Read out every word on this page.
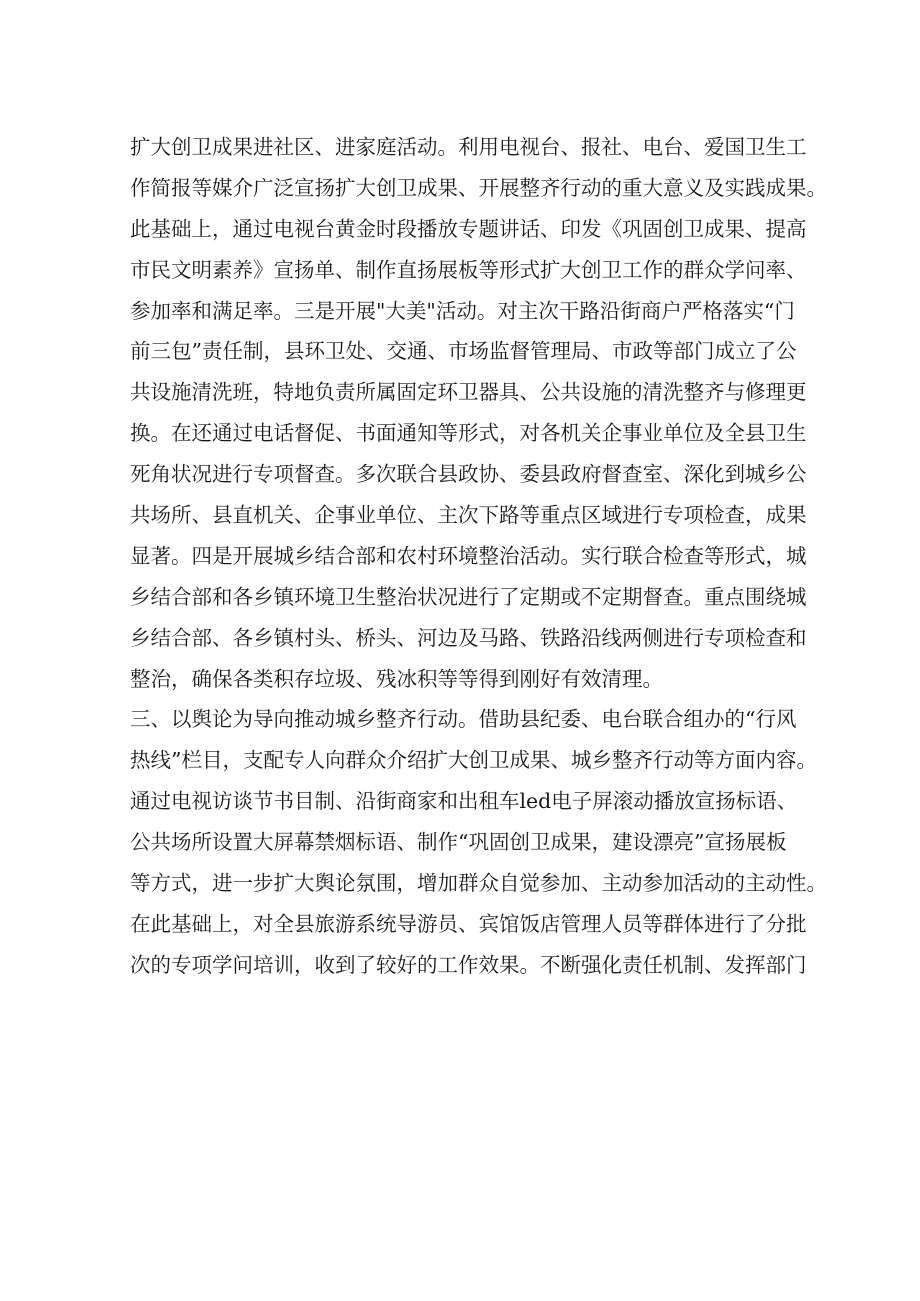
扩大创卫成果进社区、进家庭活动。利用电视台、报社、电台、爱国卫生工
作简报等媒介广泛宣扬扩大创卫成果、开展整齐行动的重大意义及实践成果。
此基础上，通过电视台黄金时段播放专题讲话、印发《巩固创卫成果、提高
市民文明素养》宣扬单、制作直扬展板等形式扩大创卫工作的群众学问率、
参加率和满足率。三是开展"大美"活动。对主次干路沿街商户严格落实“门
前三包”责任制，县环卫处、交通、市场监督管理局、市政等部门成立了公
共设施清洗班，特地负责所属固定环卫器具、公共设施的清洗整齐与修理更
换。在还通过电话督促、书面通知等形式，对各机关企事业单位及全县卫生
死角状况进行专项督查。多次联合县政协、委县政府督查室、深化到城乡公
共场所、县直机关、企事业单位、主次下路等重点区域进行专项检查，成果
显著。四是开展城乡结合部和农村环境整治活动。实行联合检查等形式，城
乡结合部和各乡镇环境卫生整治状况进行了定期或不定期督查。重点围绕城
乡结合部、各乡镇村头、桥头、河边及马路、铁路沿线两侧进行专项检查和
整治，确保各类积存垃圾、残冰积等等得到刚好有效清理。
三、以舆论为导向推动城乡整齐行动。借助县纪委、电台联合组办的“行风
热线”栏目，支配专人向群众介绍扩大创卫成果、城乡整齐行动等方面内容。
通过电视访谈节书目制、沿街商家和出租车led电子屏滚动播放宣扬标语、
公共场所设置大屏幕禁烟标语、制作“巩固创卫成果，建设漂亮”宣扬展板
等方式，进一步扩大舆论氛围，增加群众自觉参加、主动参加活动的主动性。
在此基础上，对全县旅游系统导游员、宾馆饭店管理人员等群体进行了分批
次的专项学问培训，收到了较好的工作效果。不断强化责任机制、发挥部门
